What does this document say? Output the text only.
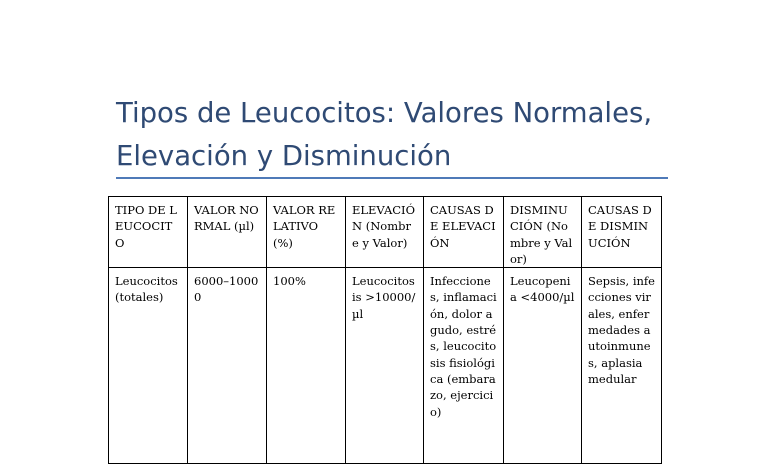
Tipos de Leucocitos: Valores Normales,
Elevación y Disminución
TIPO DE LEUCOCITO	VALOR NORMAL (µl)	VALOR RELATIVO (%)	ELEVACIÓN (Nombre y Valor)	CAUSAS DE ELEVACIÓN	DISMINUCIÓN (Nombre y Valor)	CAUSAS DE DISMINUCIÓN
Leucocitos (totales)	6000–10000	100%	Leucocitosis >10000/µl	Infecciones, inflamación, dolor agudo, estrés, leucocitosis fisiológica (embarazo, ejercicio)	Leucopenia <4000/µl	Sepsis, infecciones virales, enfermedades autoinmunes, aplasia medular
